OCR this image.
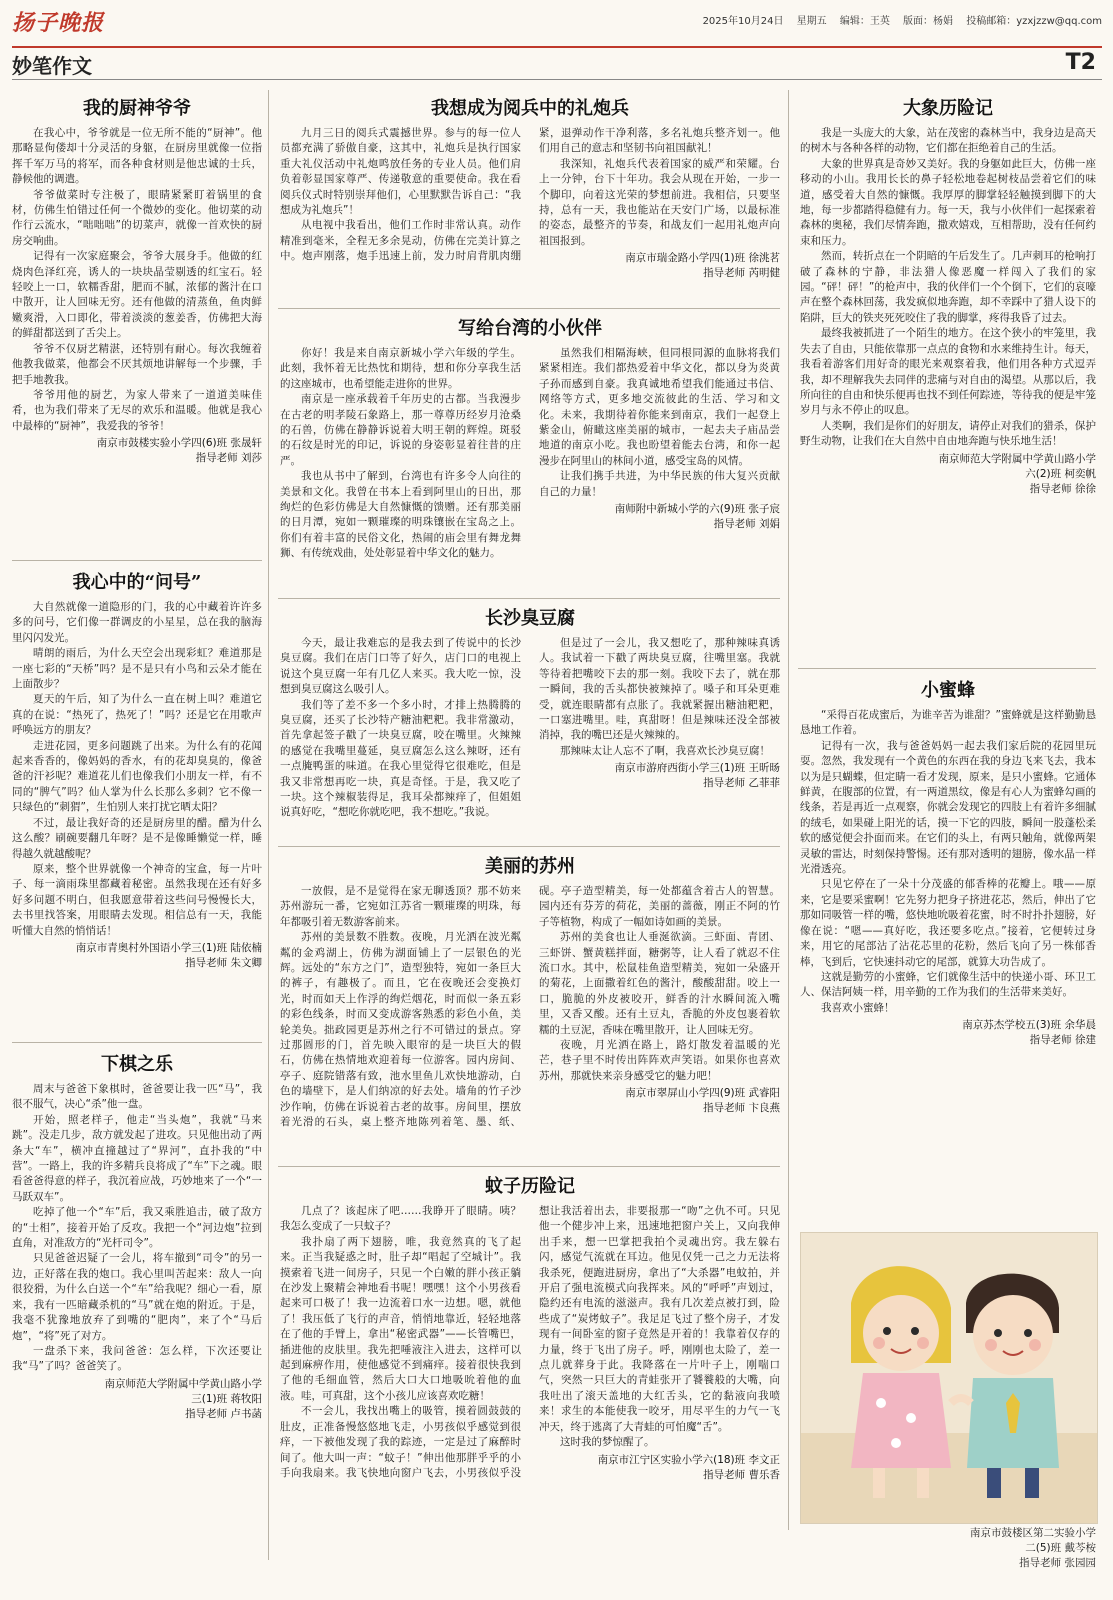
扬子晚报	2025年10月24日 星期五 编辑：王英 版面：杨娟 投稿邮箱：yzxjzzw@qq.com
妙笔作文	T2
我的厨神爷爷

在我心中，爷爷就是一位无所不能的“厨神”。他那略显佝偻却十分灵活的身躯，在厨房里就像一位指挥千军万马的将军，而各种食材则是他忠诚的士兵，静候他的调遣。

爷爷做菜时专注极了，眼睛紧紧盯着锅里的食材，仿佛生怕错过任何一个微妙的变化。他切菜的动作行云流水，“咄咄咄”的切菜声，就像一首欢快的厨房交响曲。

记得有一次家庭聚会，爷爷大展身手。他做的红烧肉色泽红亮，诱人的一块块晶莹剔透的红宝石。轻轻咬上一口，软糯香甜，肥而不腻，浓郁的酱汁在口中散开，让人回味无穷。还有他做的清蒸鱼，鱼肉鲜嫩爽滑，入口即化，带着淡淡的葱姜香，仿佛把大海的鲜甜都送到了舌尖上。

爷爷不仅厨艺精湛，还特别有耐心。每次我缠着他教我做菜，他都会不厌其烦地讲解每一个步骤，手把手地教我。

爷爷用他的厨艺，为家人带来了一道道美味佳肴，也为我们带来了无尽的欢乐和温暖。他就是我心中最棒的“厨神”，我爱我的爷爷！

南京市鼓楼实验小学四(6)班 张晟轩
指导老师 刘莎
我心中的“问号”

大自然就像一道隐形的门，我的心中藏着许许多多的问号，它们像一群调皮的小星星，总在我的脑海里闪闪发光。

晴朗的雨后，为什么天空会出现彩虹？难道那是一座七彩的“天桥”吗？是不是只有小鸟和云朵才能在上面散步？

夏天的午后，知了为什么一直在树上叫？难道它真的在说：“热死了，热死了！”吗？还是它在用歌声呼唤远方的朋友？

走进花园，更多问题跳了出来。为什么有的花闻起来香香的，像妈妈的香水，有的花却臭臭的，像爸爸的汗衫呢？难道花儿们也像我们小朋友一样，有不同的“脾气”吗？仙人掌为什么长那么多刺？它不像一只绿色的“刺猬”，生怕别人来打扰它晒太阳？

不过，最让我好奇的还是厨房里的醋。醋为什么这么酸？刷碗要翻几年呀？是不是像睡懒觉一样，睡得越久就越酸呢？

原来，整个世界就像一个神奇的宝盒，每一片叶子、每一滴雨珠里都藏着秘密。虽然我现在还有好多好多问题不明白，但我愿意带着这些问号慢慢长大，去书里找答案，用眼睛去发现。相信总有一天，我能听懂大自然的悄悄话！

南京市青奥村外国语小学三(1)班 陆依楠
指导老师 朱文卿
下棋之乐

周末与爸爸下象棋时，爸爸要让我一匹“马”，我很不服气，决心“杀”他一盘。

开始，照老样子，他走“当头炮”，我就“马来跳”。没走几步，敌方就发起了进攻。只见他出动了两条大“车”，横冲直撞越过了“界河”，直扑我的“中营”。一路上，我的许多精兵良将成了“车”下之魂。眼看爸爸得意的样子，我沉着应战，巧妙地来了一个“一马跃双车”。

吃掉了他一个“车”后，我又乘胜追击，破了敌方的“士相”，接着开始了反攻。我把一个“河边炮”拉到直角，对准敌方的“光杆司令”。

只见爸爸迟疑了一会儿，将车撤到“司令”的另一边，正好落在我的炮口。我心里叫苦起来：敌人一向很狡猾，为什么白送一个“车”给我呢？细心一看，原来，我有一匹暗藏杀机的“马”就在炮的附近。于是，我毫不犹豫地放弃了到嘴的“肥肉”，来了个“马后炮”，“将”死了对方。

一盘杀下来，我问爸爸：怎么样，下次还要让我“马”了吗？爸爸笑了。

南京师范大学附属中学黄山路小学
三(1)班 蒋牧阳
指导老师 卢书菡
我想成为阅兵中的礼炮兵

九月三日的阅兵式震撼世界。参与的每一位人员都充满了骄傲自豪，这其中，礼炮兵是执行国家重大礼仪活动中礼炮鸣放任务的专业人员。他们肩负着彰显国家尊严、传递敬意的重要使命。我在看阅兵仪式时特别崇拜他们，心里默默告诉自己：“我想成为礼炮兵”！

从电视中我看出，他们工作时非常认真。动作精准到毫米，全程无多余晃动，仿佛在完美计算之中。炮声刚落，炮手迅速上前，发力时肩背肌肉绷紧，退弹动作干净利落，多名礼炮兵整齐划一。他们用自己的意志和坚韧书向祖国献礼！

我深知，礼炮兵代表着国家的威严和荣耀。台上一分钟，台下十年功。我会从现在开始，一步一个脚印，向着这光荣的梦想前进。我相信，只要坚持，总有一天，我也能站在天安门广场，以最标准的姿态，最整齐的节奏，和战友们一起用礼炮声向祖国报到。

南京市瑞金路小学四(1)班 徐洮茗
指导老师 芮明健
写给台湾的小伙伴

你好！我是来自南京新城小学六年级的学生。此刻，我怀着无比热忱和期待，想和你分享我生活的这座城市，也希望能走进你的世界。

南京是一座承载着千年历史的古都。当我漫步在古老的明孝陵石象路上，那一尊尊历经岁月沧桑的石兽，仿佛在静静诉说着大明王朝的辉煌。斑驳的石纹是时光的印记，诉说的身姿彰显着往昔的庄严。

我也从书中了解到，台湾也有许多令人向往的美景和文化。我曾在书本上看到阿里山的日出，那绚烂的色彩仿佛是大自然慷慨的馈赠。还有那美丽的日月潭，宛如一颗璀璨的明珠镶嵌在宝岛之上。你们有着丰富的民俗文化，热闹的庙会里有舞龙舞狮、有传统戏曲，处处彰显着中华文化的魅力。

虽然我们相隔海峡，但同根同源的血脉将我们紧紧相连。我们都热爱着中华文化，都以身为炎黄子孙而感到自豪。我真诚地希望我们能通过书信、网络等方式，更多地交流彼此的生活、学习和文化。未来，我期待着你能来到南京，我们一起登上紫金山，俯瞰这座美丽的城市，一起去夫子庙品尝地道的南京小吃。我也盼望着能去台湾，和你一起漫步在阿里山的林间小道，感受宝岛的风情。

让我们携手共进，为中华民族的伟大复兴贡献自己的力量！

南师附中新城小学的六(9)班 张子宸
指导老师 刘娟
长沙臭豆腐

今天，最让我难忘的是我去到了传说中的长沙臭豆腐。我们在店门口等了好久，店门口的电视上说这个臭豆腐一年有几亿人来买。我大吃一惊，没想到臭豆腐这么吸引人。

我们等了差不多一个多小时，才排上热腾腾的臭豆腐，还买了长沙特产糖油粑粑。我非常激动，首先拿起签子戳了一块臭豆腐，咬在嘴里。火辣辣的感觉在我嘴里蔓延，臭豆腐怎么这么辣呀，还有一点腌鸭蛋的味道。在我心里觉得它很难吃，但是我又非常想再吃一块，真是奇怪。于是，我又吃了一块。这个辣椒装得足，我耳朵都辣痒了，但姐姐说真好吃，“想吃你就吃吧，我不想吃。”我说。

但是过了一会儿，我又想吃了，那种辣味真诱人。我试着一下戳了两块臭豆腐，往嘴里塞。我就等待着把嘴咬下去的那一刻。我咬下去了，就在那一瞬间，我的舌头都快被辣掉了。嗓子和耳朵更难受，就连眼睛都有点胀了。我就紧握出糖油粑粑，一口塞进嘴里。哇，真甜呀！但是辣味还没全部被消掉，我的嘴巴还是火辣辣的。

那辣味太让人忘不了啊，我喜欢长沙臭豆腐！

南京市游府西街小学三(1)班 王昕旸
指导老师 乙菲菲
美丽的苏州

一放假，是不是觉得在家无聊透顶？那不妨来苏州游玩一番，它宛如江苏省一颗璀璨的明珠，每年都吸引着无数游客前来。

苏州的美景数不胜数。夜晚，月光洒在波光粼粼的金鸡湖上，仿佛为湖面铺上了一层银色的光辉。远处的“东方之门”，造型独特，宛如一条巨大的裤子，有趣极了。而且，它在夜晚还会变换灯光，时而如天上作浮的绚烂烟花，时而似一条五彩的彩色线条，时而又变成游客熟悉的彩色小鱼，美轮美奂。拙政园更是苏州之行不可错过的景点。穿过那圆形的门，首先映入眼帘的是一块巨大的假石，仿佛在热情地欢迎着每一位游客。园内房间、亭子、庭院错落有致，池水里鱼儿欢快地游动，白色的墙壁下，是人们纳凉的好去处。墙角的竹子沙沙作响，仿佛在诉说着古老的故事。房间里，摆放着光滑的石头，桌上整齐地陈列着笔、墨、纸、砚。亭子造型精美，每一处都蕴含着古人的智慧。园内还有芬芳的荷花，美丽的蔷薇，刚正不阿的竹子等植物，构成了一幅如诗如画的美景。

苏州的美食也让人垂涎欲滴。三虾面、青团、三虾饼、蟹黄糕拌面，糖粥等，让人看了就忍不住流口水。其中，松鼠桂鱼造型精美，宛如一朵盛开的菊花，上面撒着红色的酱汁，酸酸甜甜。咬上一口，脆脆的外皮被咬开，鲜香的汁水瞬间流入嘴里，又香又酸。还有土豆丸，香脆的外皮包裹着软糯的土豆泥，香味在嘴里散开，让人回味无穷。

夜晚，月光洒在路上，路灯散发着温暖的光芒，巷子里不时传出阵阵欢声笑语。如果你也喜欢苏州，那就快来亲身感受它的魅力吧！

南京市翠屏山小学四(9)班 武睿阳
指导老师 卞良燕
蚊子历险记

几点了？该起床了吧……我睁开了眼睛。咦？我怎么变成了一只蚊子？

我扑扇了两下翅膀，唯，我竟然真的飞了起来。正当我疑惑之时，肚子却“唱起了空城计”。我摸索着飞进一间房子，只见一个白嫩的胖小孩正躺在沙发上聚精会神地看书呢！嘿嘿！这个小男孩看起来可口极了！我一边流着口水一边想。嗯，就他了！我压低了飞行的声音，悄悄地靠近，轻轻地落在了他的手臂上，拿出“秘密武器”——长管嘴巴，插进他的皮肤里。我先把唾液注入进去，这样可以起到麻痹作用，使他感觉不到痛痒。接着很快我到了他的毛细血管，然后大口大口地吸吮着他的血液。哇，可真甜，这个小孩儿应该喜欢吃糖！

不一会儿，我找出嘴上的吸管，摸着圆鼓鼓的肚皮，正准备慢悠悠地飞走，小男孩似乎感觉到很痒，一下被他发现了我的踪迹，一定是过了麻醉时间了。他大叫一声：“蚊子！”伸出他那胖乎乎的小手向我扇来。我飞快地向窗户飞去，小男孩似乎没想让我活着出去，非要报那一“吻”之仇不可。只见他一个健步冲上来，迅速地把窗户关上，又向我伸出手来，想一巴掌把我拍个灵魂出窍。我左躲右闪，感觉气流就在耳边。他见仅凭一己之力无法将我杀死，便跑进厨房，拿出了“大杀器”电蚊拍，并开启了强电流模式向我挥来。风的“呼呼”声划过，隐约还有电流的滋滋声。我有几次差点被打到，险些成了“炭烤蚊子”。我足足飞过了整个房子，才发现有一间卧室的窗子竟然是开着的！我靠着仅存的力量，终于飞出了房子。呼，刚刚也太险了，差一点儿就葬身于此。我降落在一片叶子上，刚喘口气，突然一只巨大的青蛙张开了饕餮般的大嘴，向我吐出了滚天盖地的大红舌头，它的黏液向我喷来！求生的本能使我一咬牙，用尽平生的力气一飞冲天，终于逃离了大青蛙的可怕魔“舌”。

这时我的梦惊醒了。

南京市江宁区实验小学六(18)班 李文正
指导老师 曹乐香
大象历险记

我是一头庞大的大象，站在茂密的森林当中，我身边是高天的树木与各种各样的动物，它们都在拒绝着自己的生活。

大象的世界真是奇妙又美好。我的身躯如此巨大，仿佛一座移动的小山。我用长长的鼻子轻松地卷起树枝品尝着它们的味道，感受着大自然的慷慨。我厚厚的脚掌轻轻触摸到脚下的大地，每一步都踏得稳健有力。每一天，我与小伙伴们一起探索着森林的奥秘，我们尽情奔跑，撒欢嬉戏，互相帮助，没有任何约束和压力。

然而，转折点在一个阴暗的午后发生了。几声刺耳的枪响打破了森林的宁静，非法猎人像恶魔一样闯入了我们的家园。“砰！砰！”的枪声中，我的伙伴们一个个倒下，它们的哀嚎声在整个森林回荡，我发疯似地奔跑，却不幸踩中了猎人设下的陷阱，巨大的铁夹死死咬住了我的脚掌，疼得我昏了过去。

最终我被抓进了一个陌生的地方。在这个狭小的牢笼里，我失去了自由，只能依靠那一点点的食物和水来维持生计。每天，我看着游客们用好奇的眼光来观察着我，他们用各种方式逗弄我，却不理解我失去同伴的悲痛与对自由的渴望。从那以后，我所向往的自由和快乐便再也找不到任何踪迹，等待我的便是牢笼岁月与永不停止的叹息。

人类啊，我们是你们的好朋友，请停止对我们的猎杀，保护野生动物，让我们在大自然中自由地奔跑与快乐地生活！

南京师范大学附属中学黄山路小学
六(2)班 柯奕帆
指导老师 徐徐
小蜜蜂

“采得百花成蜜后，为谁辛苦为谁甜？”蜜蜂就是这样勤勤恳恳地工作着。

记得有一次，我与爸爸妈妈一起去我们家后院的花园里玩耍。忽然，我发现有一个黄色的东西在我的身边飞来飞去，我本以为是只蝴蝶，但定睛一看才发现，原来，是只小蜜蜂。它通体鲜黄，在腹部的位置，有一两道黑纹，像是有心人为蜜蜂勾画的线条，若是再近一点观察，你就会发现它的四肢上有着许多细腻的绒毛，如果碰上阳光的话，摸一下它的四肢，瞬间一股蓬松柔软的感觉便会扑面而来。在它们的头上，有两只触角，就像两架灵敏的雷达，时刻保持警惕。还有那对透明的翅膀，像水晶一样光滑透亮。

只见它停在了一朵十分茂盛的郁香棒的花瓣上。哦——原来，它是要采蜜啊！它先努力把身子挤进花芯，然后，伸出了它那如同吸管一样的嘴，悠快地吮吸着花蜜，时不时扑扑翅膀，好像在说：“嗯——真好吃，我还要多吃点。”接着，它便转过身来，用它的尾部沾了沾花芯里的花粉，然后飞向了另一株郁香棒，飞到后，它快速抖动它的尾部，就算大功告成了。

这就是勤劳的小蜜蜂，它们就像生活中的快递小哥、环卫工人、保洁阿姨一样，用辛勤的工作为我们的生活带来美好。

我喜欢小蜜蜂！

南京苏杰学校五(3)班 余华晨
指导老师 徐建
南京市鼓楼区第二实验小学
二(5)班 戴芩桉
指导老师 张园园
